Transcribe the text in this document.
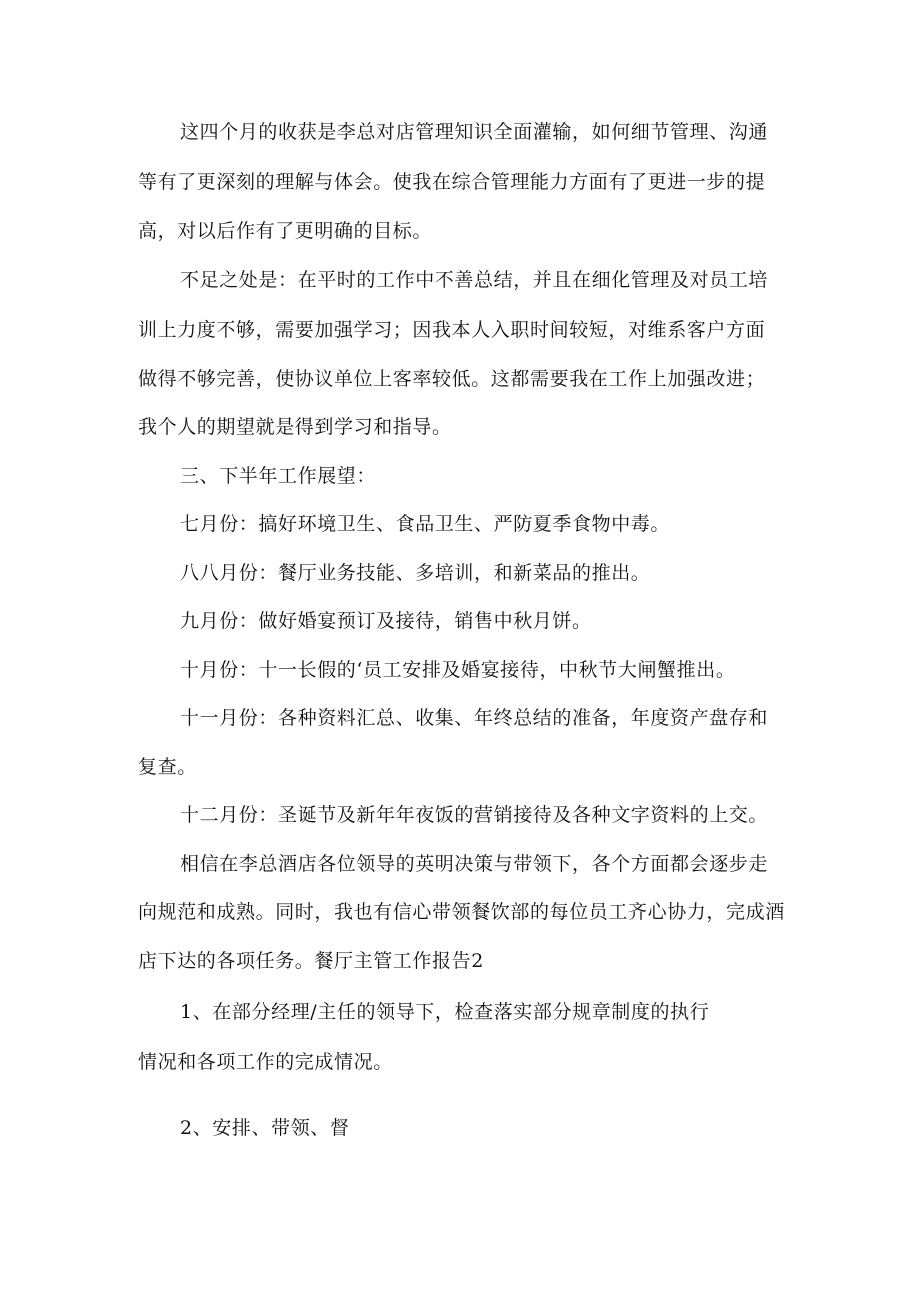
这四个月的收获是李总对店管理知识全面灌输，如何细节管理、沟通
等有了更深刻的理解与体会。使我在综合管理能力方面有了更进一步的提
高，对以后作有了更明确的目标。
不足之处是：在平时的工作中不善总结，并且在细化管理及对员工培
训上力度不够，需要加强学习；因我本人入职时间较短，对维系客户方面
做得不够完善，使协议单位上客率较低。这都需要我在工作上加强改进；
我个人的期望就是得到学习和指导。
三、下半年工作展望：
七月份：搞好环境卫生、食品卫生、严防夏季食物中毒。
八八月份：餐厅业务技能、多培训，和新菜品的推出。
九月份：做好婚宴预订及接待，销售中秋月饼。
十月份：十一长假的‘员工安排及婚宴接待，中秋节大闸蟹推出。
十一月份：各种资料汇总、收集、年终总结的准备，年度资产盘存和
复查。
十二月份：圣诞节及新年年夜饭的营销接待及各种文字资料的上交。
相信在李总酒店各位领导的英明决策与带领下，各个方面都会逐步走
向规范和成熟。同时，我也有信心带领餐饮部的每位员工齐心协力，完成酒
店下达的各项任务。餐厅主管工作报告2
1、在部分经理/主任的领导下，检查落实部分规章制度的执行
情况和各项工作的完成情况。
2、安排、带领、督
